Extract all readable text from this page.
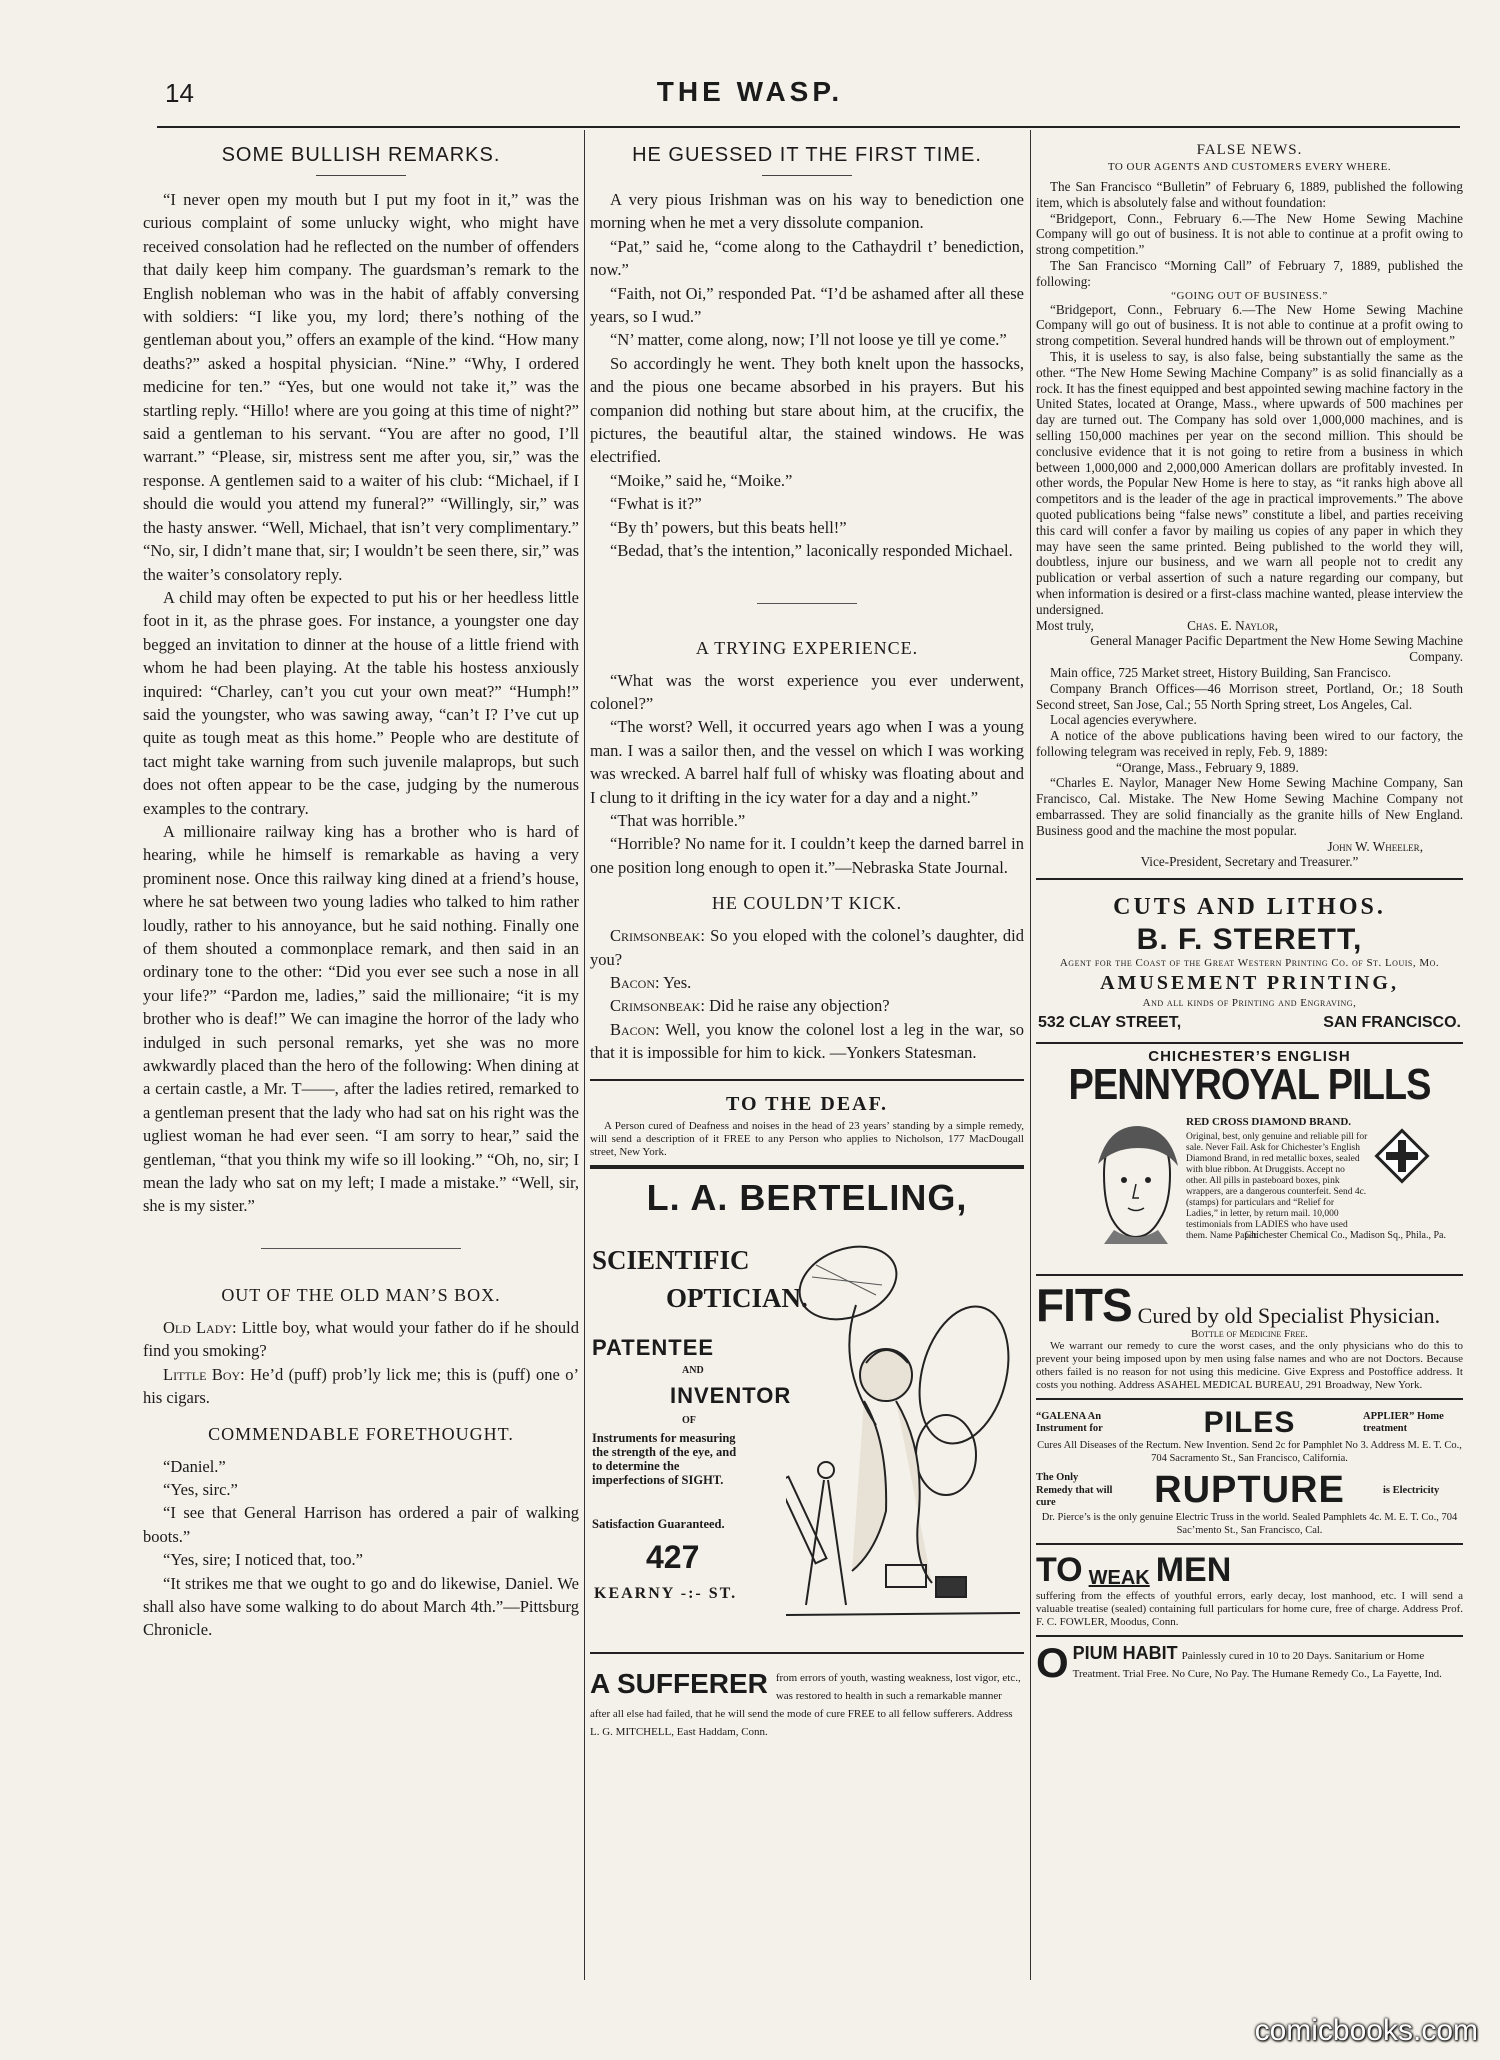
14	THE WASP.
SOME BULLISH REMARKS.

“I never open my mouth but I put my foot in it,” was the curious complaint of some unlucky wight, who might have received consolation had he reflected on the number of offenders that daily keep him company. The guardsman’s remark to the English nobleman who was in the habit of affably conversing with soldiers: “I like you, my lord; there’s nothing of the gentleman about you,” offers an example of the kind. “How many deaths?” asked a hospital physician. “Nine.” “Why, I ordered medicine for ten.” “Yes, but one would not take it,” was the startling reply. “Hillo! where are you going at this time of night?” said a gentleman to his servant. “You are after no good, I’ll warrant.” “Please, sir, mistress sent me after you, sir,” was the response. A gentlemen said to a waiter of his club: “Michael, if I should die would you attend my funeral?” “Willingly, sir,” was the hasty answer. “Well, Michael, that isn’t very complimentary.” “No, sir, I didn’t mane that, sir; I wouldn’t be seen there, sir,” was the waiter’s consolatory reply.

A child may often be expected to put his or her heedless little foot in it, as the phrase goes. For instance, a youngster one day begged an invitation to dinner at the house of a little friend with whom he had been playing. At the table his hostess anxiously inquired: “Charley, can’t you cut your own meat?” “Humph!” said the youngster, who was sawing away, “can’t I? I’ve cut up quite as tough meat as this home.” People who are destitute of tact might take warning from such juvenile malaprops, but such does not often appear to be the case, judging by the numerous examples to the contrary.

A millionaire railway king has a brother who is hard of hearing, while he himself is remarkable as having a very prominent nose. Once this railway king dined at a friend’s house, where he sat between two young ladies who talked to him rather loudly, rather to his annoyance, but he said nothing. Finally one of them shouted a commonplace remark, and then said in an ordinary tone to the other: “Did you ever see such a nose in all your life?” “Pardon me, ladies,” said the millionaire; “it is my brother who is deaf!” We can imagine the horror of the lady who indulged in such personal remarks, yet she was no more awkwardly placed than the hero of the following: When dining at a certain castle, a Mr. T——, after the ladies retired, remarked to a gentleman present that the lady who had sat on his right was the ugliest woman he had ever seen. “I am sorry to hear,” said the gentleman, “that you think my wife so ill looking.” “Oh, no, sir; I mean the lady who sat on my left; I made a mistake.” “Well, sir, she is my sister.”

OUT OF THE OLD MAN’S BOX.

Old Lady: Little boy, what would your father do if he should find you smoking?

Little Boy: He’d (puff) prob’ly lick me; this is (puff) one o’ his cigars.

COMMENDABLE FORETHOUGHT.

“Daniel.”

“Yes, sirc.”

“I see that General Harrison has ordered a pair of walking boots.”

“Yes, sire; I noticed that, too.”

“It strikes me that we ought to go and do likewise, Daniel. We shall also have some walking to do about March 4th.”—Pittsburg Chronicle.

HE GUESSED IT THE FIRST TIME.

A very pious Irishman was on his way to benediction one morning when he met a very dissolute companion.

“Pat,” said he, “come along to the Cathaydril t’ benediction, now.”

“Faith, not Oi,” responded Pat. “I’d be ashamed after all these years, so I wud.”

“N’ matter, come along, now; I’ll not loose ye till ye come.”

So accordingly he went. They both knelt upon the hassocks, and the pious one became absorbed in his prayers. But his companion did nothing but stare about him, at the crucifix, the pictures, the beautiful altar, the stained windows. He was electrified.

“Moike,” said he, “Moike.”

“Fwhat is it?”

“By th’ powers, but this beats hell!”

“Bedad, that’s the intention,” laconically responded Michael.

A TRYING EXPERIENCE.

“What was the worst experience you ever underwent, colonel?”

“The worst? Well, it occurred years ago when I was a young man. I was a sailor then, and the vessel on which I was working was wrecked. A barrel half full of whisky was floating about and I clung to it drifting in the icy water for a day and a night.”

“That was horrible.”

“Horrible? No name for it. I couldn’t keep the darned barrel in one position long enough to open it.”—Nebraska State Journal.

HE COULDN’T KICK.

Crimsonbeak: So you eloped with the colonel’s daughter, did you?

Bacon: Yes.

Crimsonbeak: Did he raise any objection?

Bacon: Well, you know the colonel lost a leg in the war, so that it is impossible for him to kick. —Yonkers Statesman.

TO THE DEAF.
A Person cured of Deafness and noises in the head of 23 years’ standing by a simple remedy, will send a description of it FREE to any Person who applies to Nicholson, 177 MacDougall street, New York.
L. A. BERTELING,
SCIENTIFIC
OPTICIAN.
PATENTEE
AND
INVENTOR
OF
Instruments for measuring the strength of the eye, and to determine the imperfections of SIGHT.
Satisfaction Guaranteed.
427
KEARNY -:- ST.
A SUFFERER from errors of youth, wasting weakness, lost vigor, etc., was restored to health in such a remarkable manner after all else had failed, that he will send the mode of cure FREE to all fellow sufferers. Address L. G. MITCHELL, East Haddam, Conn.
FALSE NEWS.
TO OUR AGENTS AND CUSTOMERS EVERY WHERE.

The San Francisco “Bulletin” of February 6, 1889, published the following item, which is absolutely false and without foundation:

“Bridgeport, Conn., February 6.—The New Home Sewing Machine Company will go out of business. It is not able to continue at a profit owing to strong competition.”

The San Francisco “Morning Call” of February 7, 1889, published the following:

“GOING OUT OF BUSINESS.”

“Bridgeport, Conn., February 6.—The New Home Sewing Machine Company will go out of business. It is not able to continue at a profit owing to strong competition. Several hundred hands will be thrown out of employment.”

This, it is useless to say, is also false, being substantially the same as the other. “The New Home Sewing Machine Company” is as solid financially as a rock. It has the finest equipped and best appointed sewing machine factory in the United States, located at Orange, Mass., where upwards of 500 machines per day are turned out. The Company has sold over 1,000,000 machines, and is selling 150,000 machines per year on the second million. This should be conclusive evidence that it is not going to retire from a business in which between 1,000,000 and 2,000,000 American dollars are profitably invested. In other words, the Popular New Home is here to stay, as “it ranks high above all competitors and is the leader of the age in practical improvements.” The above quoted publications being “false news” constitute a libel, and parties receiving this card will confer a favor by mailing us copies of any paper in which they may have seen the same printed. Being published to the world they will, doubtless, injure our business, and we warn all people not to credit any publication or verbal assertion of such a nature regarding our company, but when information is desired or a first-class machine wanted, please interview the undersigned.

Most truly,	Chas. E. Naylor,

General Manager Pacific Department the New Home Sewing Machine Company.

Main office, 725 Market street, History Building, San Francisco.

Company Branch Offices—46 Morrison street, Portland, Or.; 18 South Second street, San Jose, Cal.; 55 North Spring street, Los Angeles, Cal.

Local agencies everywhere.

A notice of the above publications having been wired to our factory, the following telegram was received in reply, Feb. 9, 1889:

“Orange, Mass., February 9, 1889.

“Charles E. Naylor, Manager New Home Sewing Machine Company, San Francisco, Cal. Mistake. The New Home Sewing Machine Company not embarrassed. They are solid financially as the granite hills of New England. Business good and the machine the most popular.

John W. Wheeler,

Vice-President, Secretary and Treasurer.”

CUTS AND LITHOS.
B. F. STERETT,
Agent for the Coast of the Great Western Printing Co. of St. Louis, Mo.
AMUSEMENT PRINTING,
And all kinds of Printing and Engraving,
532 CLAY STREET,	SAN FRANCISCO.
CHICHESTER’S ENGLISH
PENNYROYAL PILLS
RED CROSS DIAMOND BRAND.
Original, best, only genuine and reliable pill for sale. Never Fail. Ask for Chichester’s English Diamond Brand, in red metallic boxes, sealed with blue ribbon. At Druggists. Accept no other. All pills in pasteboard boxes, pink wrappers, are a dangerous counterfeit. Send 4c. (stamps) for particulars and “Relief for Ladies,” in letter, by return mail. 10,000 testimonials from LADIES who have used them. Name Paper.
Chichester Chemical Co., Madison Sq., Phila., Pa.
FITS Cured by old Specialist Physician.
Bottle of Medicine Free.
We warrant our remedy to cure the worst cases, and the only physicians who do this to prevent your being imposed upon by men using false names and who are not Doctors. Because others failed is no reason for not using this medicine. Give Express and Postoffice address. It costs you nothing. Address ASAHEL MEDICAL BUREAU, 291 Broadway, New York.
“GALENA An Instrument for	PILES	APPLIER” Home treatment
Cures All Diseases of the Rectum. New Invention. Send 2c for Pamphlet No 3. Address M. E. T. Co., 704 Sacramento St., San Francisco, California.
The Only Remedy that will cure	RUPTURE	is Electricity
Dr. Pierce’s is the only genuine Electric Truss in the world. Sealed Pamphlets 4c. M. E. T. Co., 704 Sac’mento St., San Francisco, Cal.
TO WEAK MEN
suffering from the effects of youthful errors, early decay, lost manhood, etc. I will send a valuable treatise (sealed) containing full particulars for home cure, free of charge. Address Prof. F. C. FOWLER, Moodus, Conn.
O PIUM HABIT Painlessly cured in 10 to 20 Days. Sanitarium or Home Treatment. Trial Free. No Cure, No Pay. The Humane Remedy Co., La Fayette, Ind.
comicbooks.com
